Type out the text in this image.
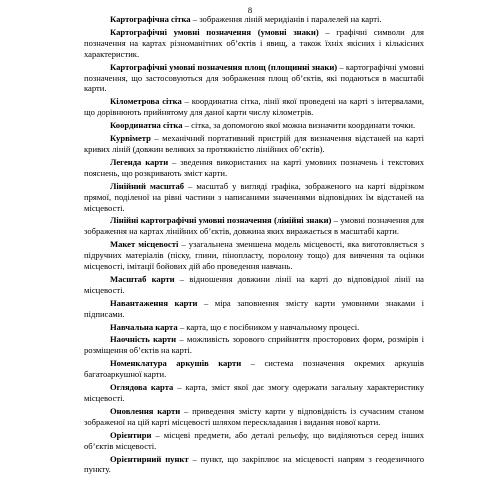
8

Картографічна сітка – зображення ліній меридіанів і паралелей на карті.

Картографічні умовні позначення (умовні знаки) – графічні символи для позначення на картах різноманітних об’єктів і явищ, а також їхніх якісних і кількісних характеристик.

Картографічні умовні позначення площ (площинні знаки) – картографічні умовні позначення, що застосовуються для зображення площ об’єктів, які подаються в масштабі карти.

Кілометрова сітка – координатна сітка, лінії якої проведені на карті з інтервалами, що дорівнюють прийнятому для даної карти числу кілометрів.

Координатна сітка – сітка, за допомогою якої можна визначити координати точки.

Курвіметр – механічний портативний пристрій для визначення відстаней на карті кривих ліній (довжин великих за протяжністю лінійних об’єктів).

Легенда карти – зведення використаних на карті умовних позначень і текстових пояснень, що розкривають зміст карти.

Лінійний масштаб – масштаб у вигляді графіка, зображеного на карті відрізком прямої, поділеної на рівні частини з написаними значеннями відповідних їм відстаней на місцевості.

Лінійні картографічні умовні позначення (лінійні знаки) – умовні позначення для зображення на картах лінійних об’єктів, довжина яких виражається в масштабі карти.

Макет місцевості – узагальнена зменшена модель місцевості, яка виготовляється з підручних матеріалів (піску, глини, пінопласту, поролону тощо) для вивчення та оцінки місцевості, імітації бойових дій або проведення навчань.

Масштаб карти – відношення довжини лінії на карті до відповідної лінії на місцевості.

Навантаження карти – міра заповнення змісту карти умовними знаками і підписами.

Навчальна карта – карта, що є посібником у навчальному процесі.

Наочність карти – можливість зорового сприйняття просторових форм, розмірів і розміщення об’єктів на карті.

Номенклатура аркушів карти – система позначення окремих аркушів багатоаркушної карти.

Оглядова карта – карта, зміст якої дає змогу одержати загальну характеристику місцевості.

Оновлення карти – приведення змісту карти у відповідність із сучасним станом зображеної на цій карті місцевості шляхом перескладання і видання нової карти.

Орієнтири – місцеві предмети, або деталі рельєфу, що виділяються серед інших об’єктів місцевості.

Орієнтирний пункт – пункт, що закріплює на місцевості напрям з геодезичного пункту.
